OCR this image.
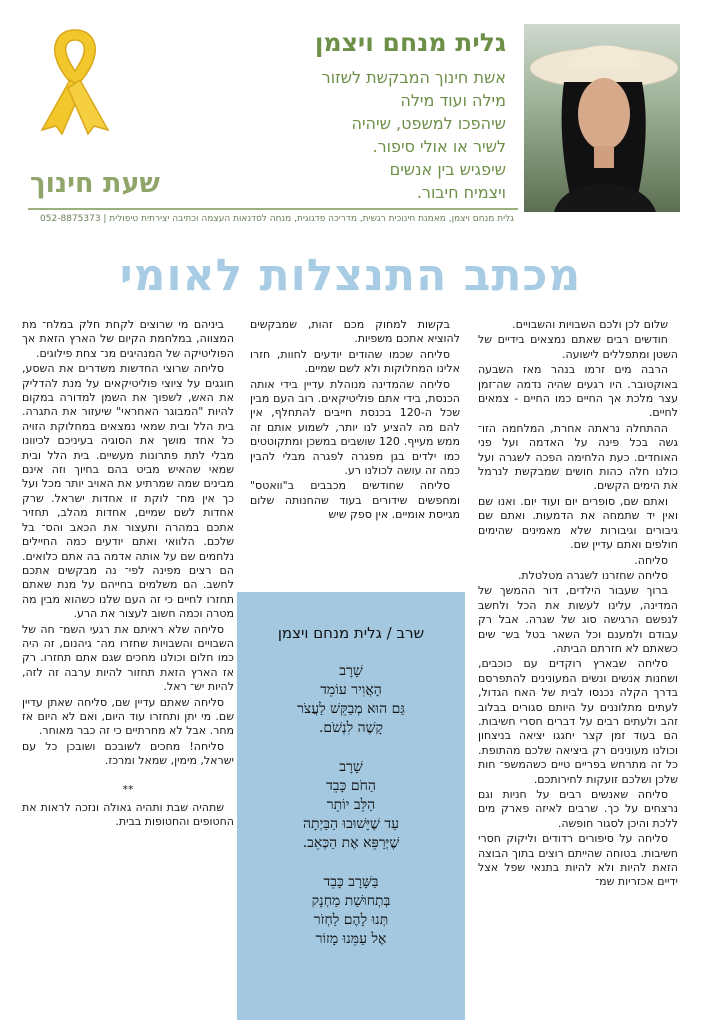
גלית מנחם ויצמן
אשת חינוך המבקשת לשזור
מילה ועוד מילה
שיהפכו למשפט, שיהיה
לשיר או אולי סיפור.
שיפגיש בין אנשים
ויצמיח חיבור.
שעת חינוך
גלית מנחם ויצמן, מאמנת חינוכית רגשית, מדריכה פדגוגית, מנחה לסדנאות העצמה וכתיבה יצירתית טיפולית | 052-8875373
מכתב התנצלות לאומי

שלום לכן ולכם השבויות והשבויים.

חודשים רבים שאתם נמצאים בידיים של השטן ומתפללים לישועה.

הרבה מים זרמו בנהר מאז השבעה באוקטובר. היו רגעים שהיה נדמה שה־זמן עצר מלכת אך החיים כמו החיים - צמאים לחיים.

ההתחלה נראתה אחרת, המלחמה הזו־ גשה בכל פינה על האדמה ועל פני האוחדים. כעת הלחימה הפכה לשגרה ועל כולנו חלה כהות חושים שמבקשת לנרמל את הימים הקשים.

ואתם שם, סופרים יום ועוד יום. ואנו שם ואין יד שתמחה את הדמעות. ואתם שם גיבורים וגיבורות שלא מאמינים שהימים חולפים ואתם עדיין שם.

סליחה.

סליחה שחזרנו לשגרה מטלטלת.

ברוך שעבור הילדים, דור ההמשך של המדינה, עלינו לעשות את הכל ולחשב לנפשם הרגישה סוג של שגרה. אבל רק עבודם ולמענם וכל השאר בטל בש־ שים כשאתם לא חזרתם הביתה.

סליחה שבארץ רוקדים עם כוכבים, ושחנות אנשים ונשים המעונינים להתפרסם בדרך הקלה נכנסו לבית של האח הגדול, לעתים מתלוננים על היותם סגורים בבלוב זהב ולעתים רבים על דברים חסרי חשיבות. הם בעוד זמן קצר יחגגו יציאה בניצחון וכולנו מעונינים רק ביציאה שלכם מהתופת. כל זה מתרחש בפריים טיים כשהמשפ־ חות שלכן ושלכם זועקות לחירותכם.

סליחה שאנשים רבים על חניות וגם נרצחים על כך. שרבים לאיזה פארק מים ללכת והיכן לסגור חופשה.

סליחה על סיפורים רדודים וליקוק חסרי חשיבות. בטוחה שהייתם רוצים בתוך הבוצה הזאת להיות ולא להיות בתנאי שפל אצל ידיים אכזריות שמ־

בקשות למחוק מכם זהות, שמבקשים להוציא אתכם משפיות.

סליחה שכמו שהודים יודעים לחוות, חזרו אלינו המחלוקות ולא לשם שמיים.

סליחה שהמדינה מנוהלת עדיין בידי אותה הכנסת, בידי אתם פוליטיקאים. רוב העם מבין שכל ה-120 בכנסת חייבים להתחלף, אין להם מה להציע לנו יותר, לשמוע אותם זה ממש מעייף. 120 שושבים במשכן ומתקוטטים כמו ילדים בגן מפגרה לפגרה מבלי להבין כמה זה עושה לכולנו רע.

סליחה שחודשים מכבבים ב"וואטס" ומחפשים שידורים בעוד שהחנותה שלום מגייסת אומיים. אין ספק שיש

שרב / גלית מנחם ויצמן
שָׁרָב
הָאֲוִיר עוֹמֵד
גַּם הוּא מְבַקֵּשׁ לַעֲצֹר
קָשֶׁה לִנְשֹׁם.
שָׁרָב
הַחֹם כָּבֵד
הַלֵּב יוֹתֵר
עַד שֶׁיָּשׁוּבוּ הַבַּיְתָה
שֶׁיְּרַפֵּא אֶת הַכְּאֵב.
בַּשָּׁרָב כָּבֵד
בְּתְחוּשַׁת מַחְנָק
תְּנוּ לָהֶם לַחְזֹר
אֶל עַמֵּנוּ מָזוֹר

ביניהם מי שרוצים לקחת חלק במלח־ מת המצווה, במלחמת הקיום של הארץ הזאת אך הפוליטיקה של המנהיגים מנ־ צחת פילוגים.

סליחה שרוצי החדשות משדרים את השסע, חוגגים על ציוצי פוליטיקאים על מנת להדליק את האש, לשפוך את השמן למדורה במקום להיות "המבוגר האחראי" שיעזור את התגרה. בית הלל ובית שמאי נמצאים במחלוקת הזויה כל אחד מושך את הסוגיה בעיניכם לכיוונו מבלי לתת פתרונות מעשיים. בית הלל ובית שמאי שהאיש מביט בהם בחיוך וזה אינם מבינים שמה שמרתיע את האויב יותר מכל ועל כך אין מח־ לוקת זו אחדות ישראל. שרק אחדות לשם שמיים, אחדות מהלב, תחזיר אתכם במהרה ותעצור את הכאב והס־ בל שלכם. הלוואי ואתם יודעים כמה החיילים נלחמים שם על אותה אדמה בה אתם כלואים. הם רצים מפינה לפי־ נה מבקשים אתכם לחשב. הם משלמים בחייהם על מנת שאתם תחזרו לחיים כי זה העם שלנו כשהוא מבין מה מטרה וכמה חשוב לעצור את הרע.

סליחה שלא ראיתם את רגעי השמ־ חה של השבויים והשבויות שחזרו מה־ גיהנום, זה היה כמו חלום וכולנו מחכים שגם אתם תחזרו. רק אז הארץ הזאת תחזור להיות ערבה זה לזה, להיות יש־ ראל.

סליחה שאתם עדיין שם, סליחה שאתן עדיין שם. מי יתן ותחזרו עוד היום, ואם לא היום אז מחר. אבל לא מחרתיים כי זה כבר מאוחר.

סליחה! מחכים לשובכם ושובכן כל עם ישראל, מימין, שמאל ומרכז.

**

שתהיה שבת ותהיה גאולה ונזכה לראות את החטופים והחטופות בבית.
